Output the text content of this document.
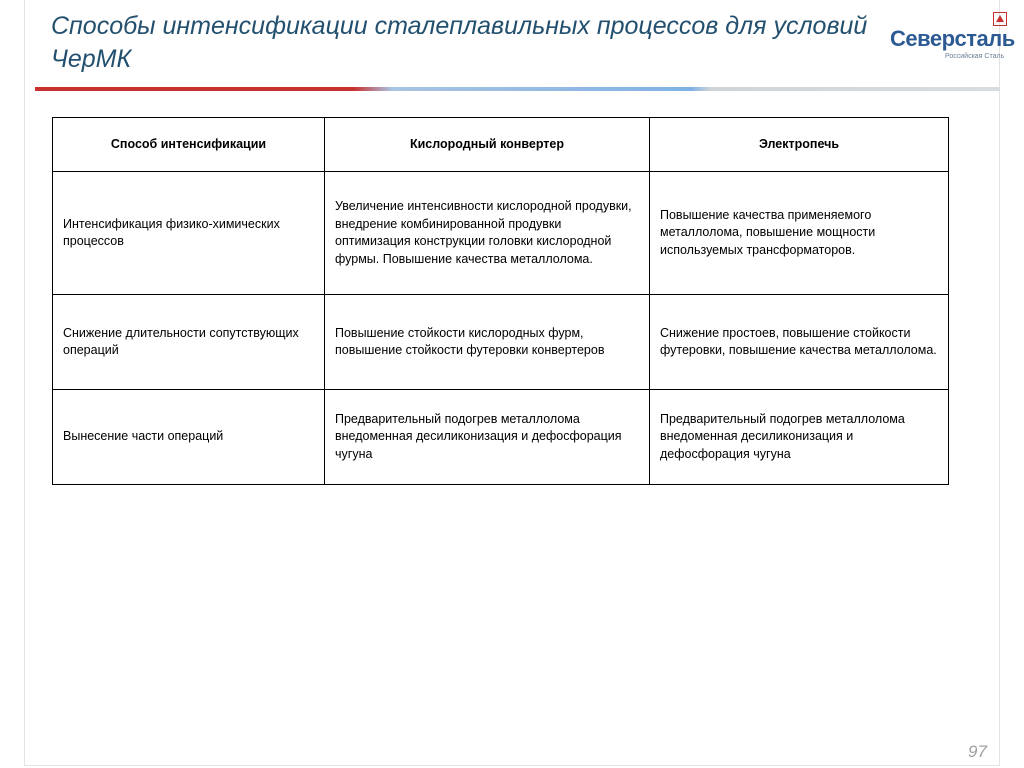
Способы интенсификации сталеплавильных процессов для условий ЧерМК
Северсталь
Российская Сталь
Способ интенсификации	Кислородный конвертер	Электропечь
Интенсификация физико-химических процессов	Увеличение интенсивности кислородной продувки, внедрение комбинированной продувки оптимизация конструкции головки кислородной фурмы. Повышение качества металлолома.	Повышение качества применяемого металлолома, повышение мощности используемых трансформаторов.
Снижение длительности сопутствующих операций	Повышение стойкости кислородных фурм, повышение стойкости футеровки конвертеров	Снижение простоев, повышение стойкости футеровки, повышение качества металлолома.
Вынесение части операций	Предварительный подогрев металлолома внедоменная десиликонизация и дефосфорация чугуна	Предварительный подогрев металлолома внедоменная десиликонизация и дефосфорация чугуна
97
